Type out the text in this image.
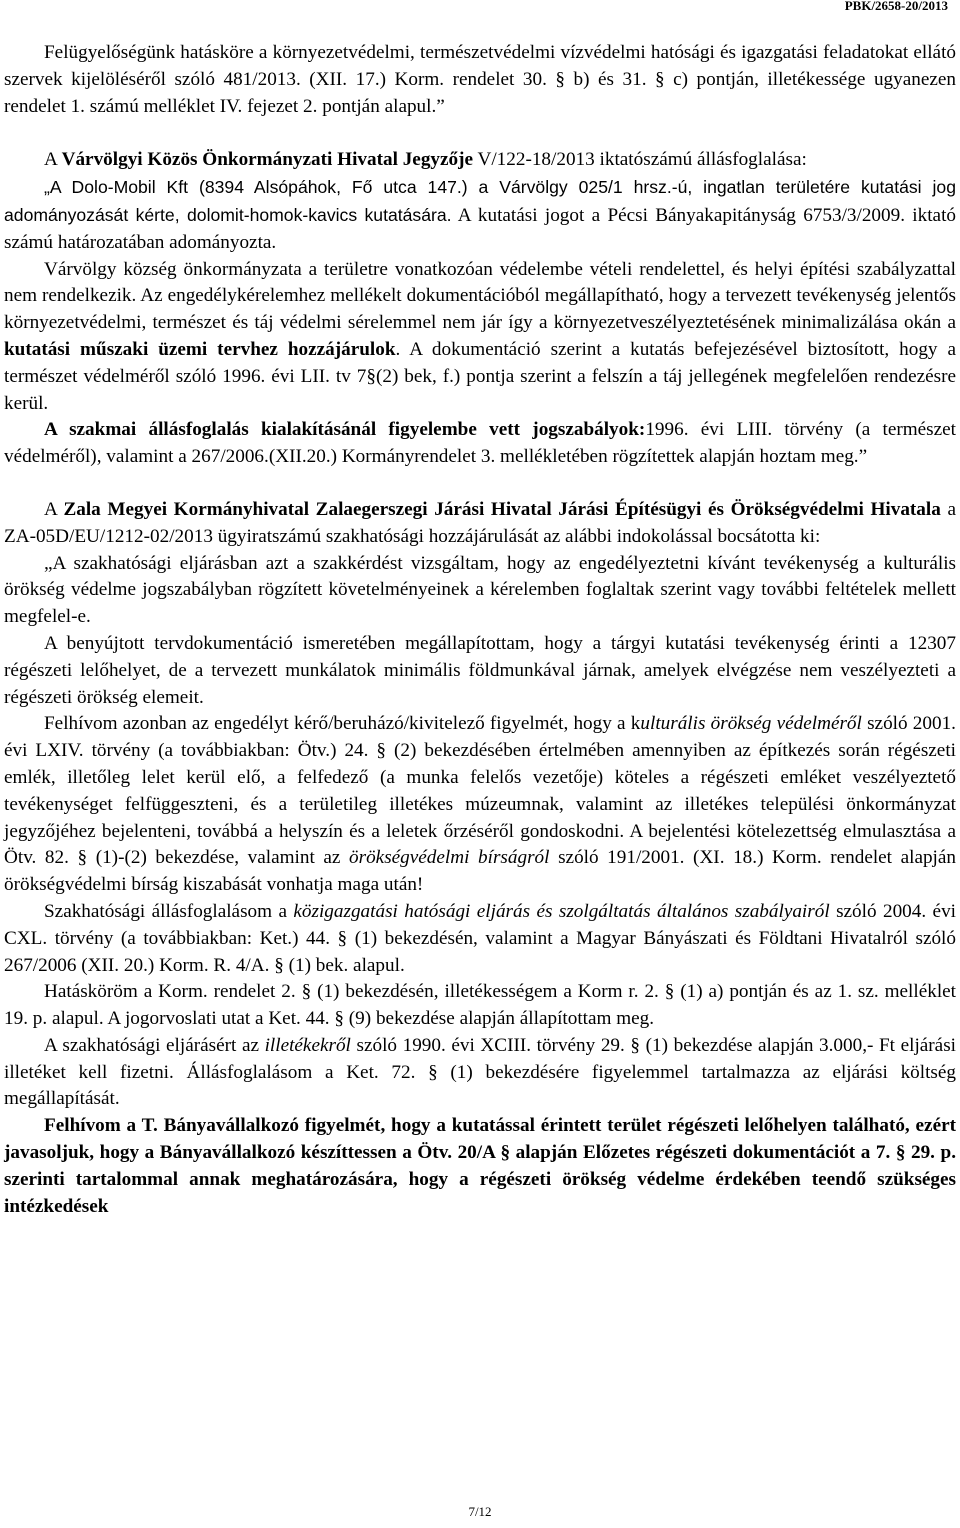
PBK/2658-20/2013

Felügyelőségünk hatásköre a környezetvédelmi, természetvédelmi vízvédelmi hatósági és igazgatási feladatokat ellátó szervek kijelöléséről szóló 481/2013. (XII. 17.) Korm. rendelet 30. § b) és 31. § c) pontján, illetékessége ugyanezen rendelet 1. számú melléklet IV. fejezet 2. pontján alapul.”

A Várvölgyi Közös Önkormányzati Hivatal Jegyzője V/122-18/2013 iktatószámú állásfoglalása:

„A Dolo-Mobil Kft (8394 Alsópáhok, Fő utca 147.) a Várvölgy 025/1 hrsz.-ú, ingatlan területére kutatási jog adományozását kérte, dolomit-homok-kavics kutatására. A kutatási jogot a Pécsi Bányakapitányság 6753/3/2009. iktató számú határozatában adományozta.

Várvölgy község önkormányzata a területre vonatkozóan védelembe vételi rendelettel, és helyi építési szabályzattal nem rendelkezik. Az engedélykérelemhez mellékelt dokumentációból megállapítható, hogy a tervezett tevékenység jelentős környezetvédelmi, természet és táj védelmi sérelemmel nem jár így a környezetveszélyeztetésének minimalizálása okán a kutatási műszaki üzemi tervhez hozzájárulok. A dokumentáció szerint a kutatás befejezésével biztosított, hogy a természet védelméről szóló 1996. évi LII. tv 7§(2) bek, f.) pontja szerint a felszín a táj jellegének megfelelően rendezésre kerül.

A szakmai állásfoglalás kialakításánál figyelembe vett jogszabályok:1996. évi LIII. törvény (a természet védelméről), valamint a 267/2006.(XII.20.) Kormányrendelet 3. mellékletében rögzítettek alapján hoztam meg.”

A Zala Megyei Kormányhivatal Zalaegerszegi Járási Hivatal Járási Építésügyi és Örökségvédelmi Hivatala a ZA-05D/EU/1212-02/2013 ügyiratszámú szakhatósági hozzájárulását az alábbi indokolással bocsátotta ki:

„A szakhatósági eljárásban azt a szakkérdést vizsgáltam, hogy az engedélyeztetni kívánt tevékenység a kulturális örökség védelme jogszabályban rögzített követelményeinek a kérelemben foglaltak szerint vagy további feltételek mellett megfelel-e.

A benyújtott tervdokumentáció ismeretében megállapítottam, hogy a tárgyi kutatási tevékenység érinti a 12307 régészeti lelőhelyet, de a tervezett munkálatok minimális földmunkával járnak, amelyek elvégzése nem veszélyezteti a régészeti örökség elemeit.

Felhívom azonban az engedélyt kérő/beruházó/kivitelező figyelmét, hogy a kulturális örökség védelméről szóló 2001. évi LXIV. törvény (a továbbiakban: Ötv.) 24. § (2) bekezdésében értelmében amennyiben az építkezés során régészeti emlék, illetőleg lelet kerül elő, a felfedező (a munka felelős vezetője) köteles a régészeti emléket veszélyeztető tevékenységet felfüggeszteni, és a területileg illetékes múzeumnak, valamint az illetékes települési önkormányzat jegyzőjéhez bejelenteni, továbbá a helyszín és a leletek őrzéséről gondoskodni. A bejelentési kötelezettség elmulasztása a Ötv. 82. § (1)-(2) bekezdése, valamint az örökségvédelmi bírságról szóló 191/2001. (XI. 18.) Korm. rendelet alapján örökségvédelmi bírság kiszabását vonhatja maga után!

Szakhatósági állásfoglalásom a közigazgatási hatósági eljárás és szolgáltatás általános szabályairól szóló 2004. évi CXL. törvény (a továbbiakban: Ket.) 44. § (1) bekezdésén, valamint a Magyar Bányászati és Földtani Hivatalról szóló 267/2006 (XII. 20.) Korm. R. 4/A. § (1) bek. alapul.

Hatásköröm a Korm. rendelet 2. § (1) bekezdésén, illetékességem a Korm r. 2. § (1) a) pontján és az 1. sz. melléklet 19. p. alapul. A jogorvoslati utat a Ket. 44. § (9) bekezdése alapján állapítottam meg.

A szakhatósági eljárásért az illetékekről szóló 1990. évi XCIII. törvény 29. § (1) bekezdése alapján 3.000,- Ft eljárási illetéket kell fizetni. Állásfoglalásom a Ket. 72. § (1) bekezdésére figyelemmel tartalmazza az eljárási költség megállapítását.

Felhívom a T. Bányavállalkozó figyelmét, hogy a kutatással érintett terület régészeti lelőhelyen található, ezért javasoljuk, hogy a Bányavállalkozó készíttessen a Ötv. 20/A § alapján Előzetes régészeti dokumentációt a 7. § 29. p. szerinti tartalommal annak meghatározására, hogy a régészeti örökség védelme érdekében teendő szükséges intézkedések

7/12
